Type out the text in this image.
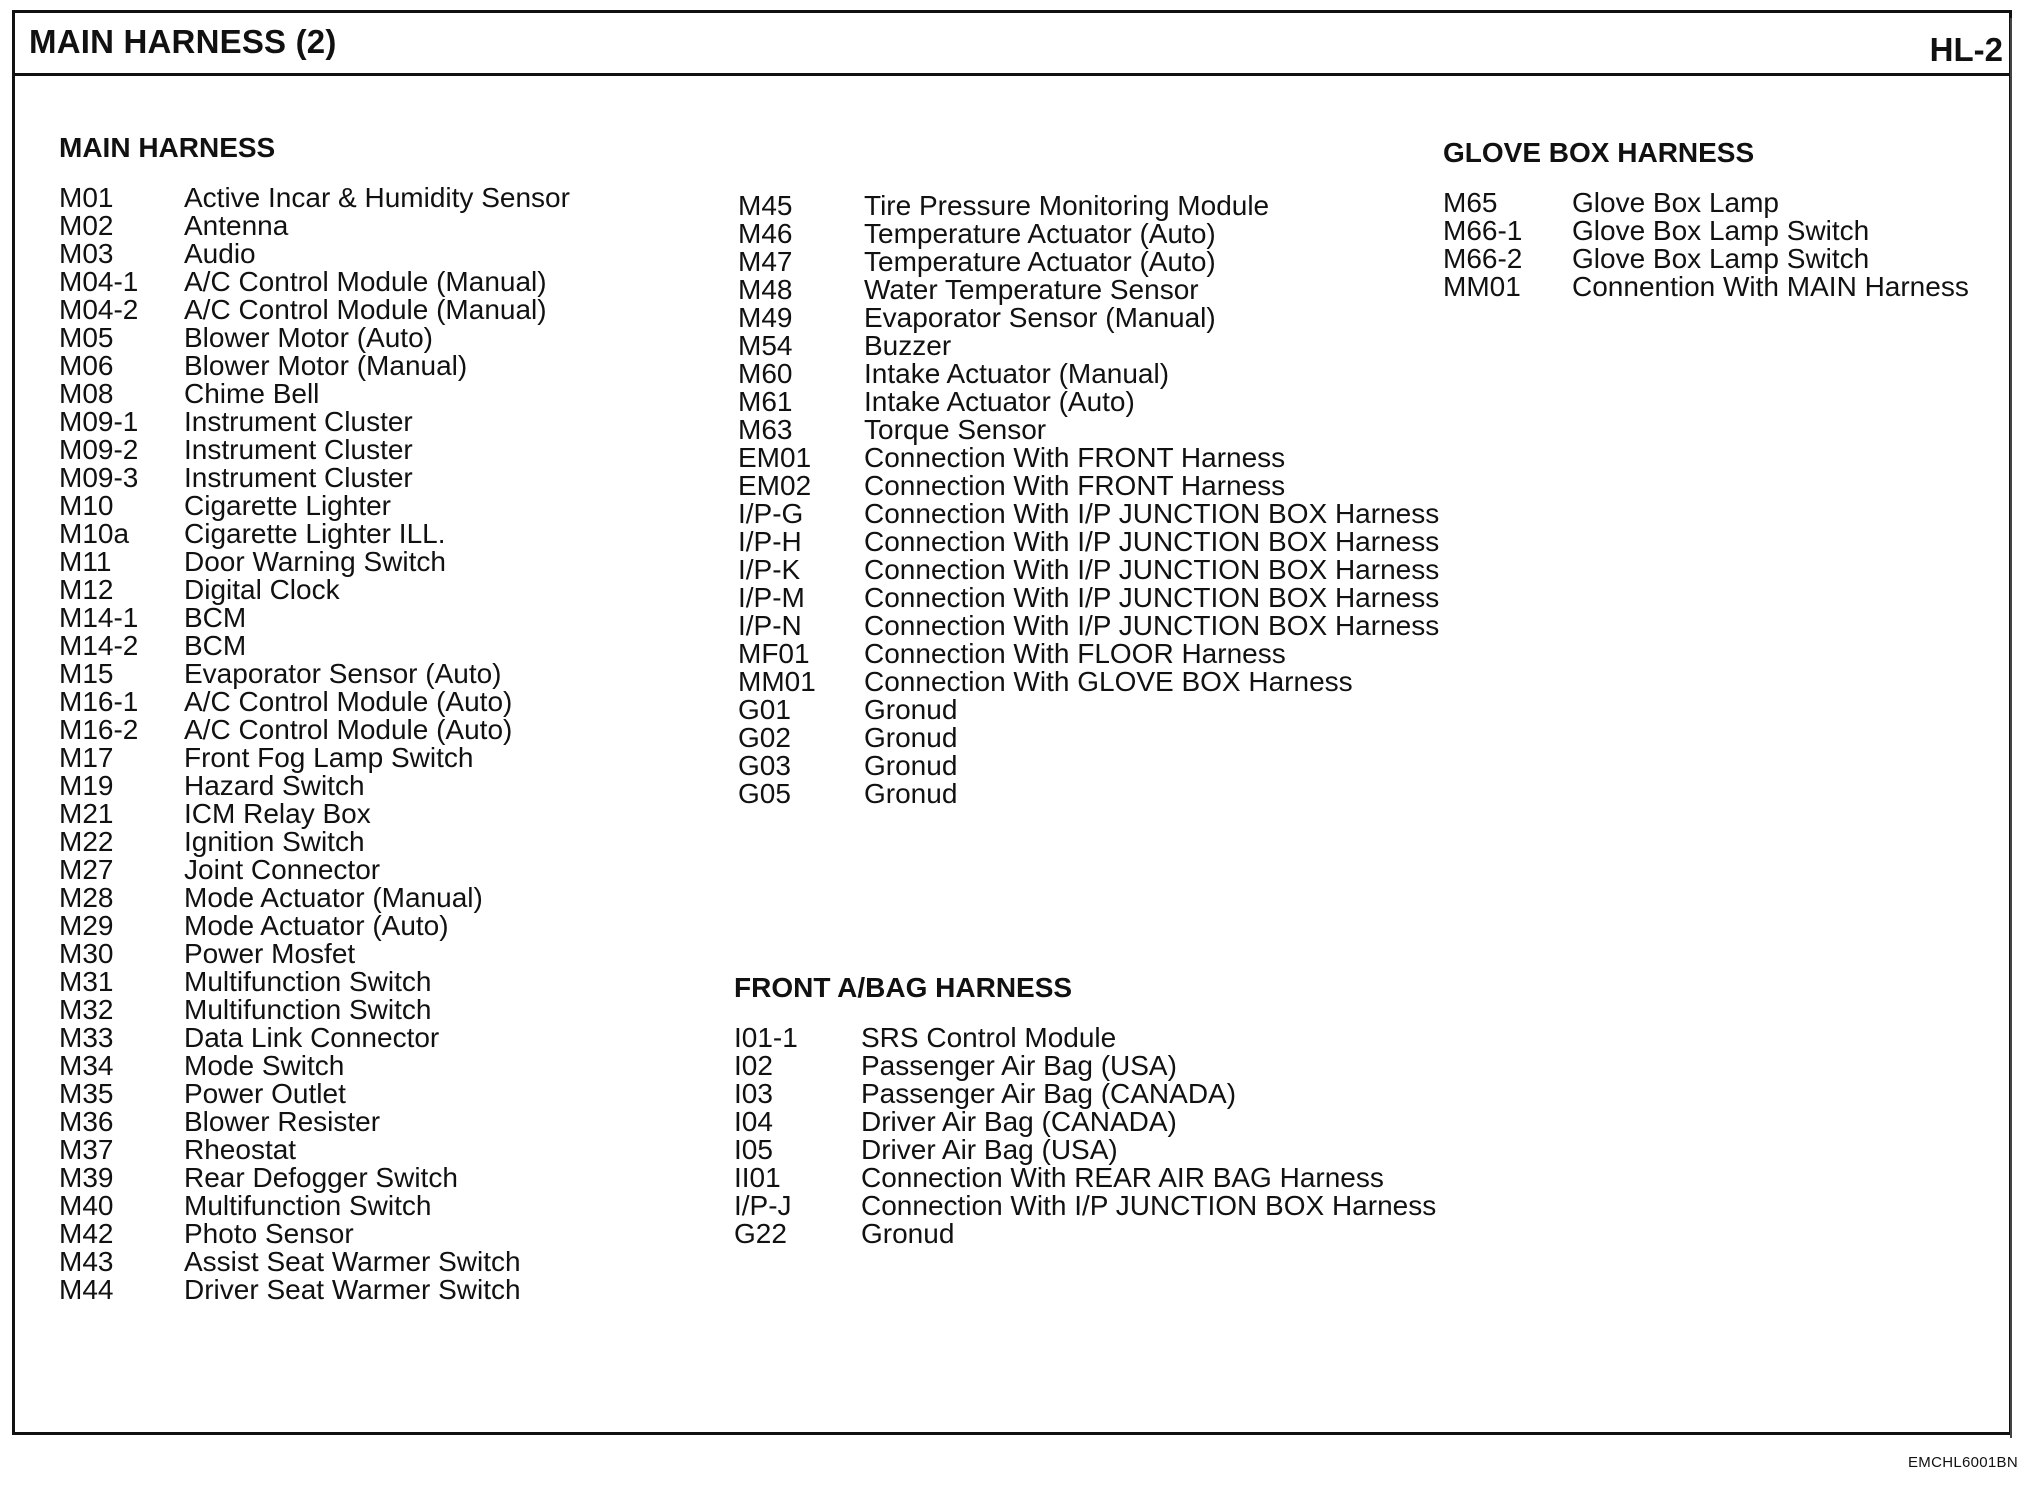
MAIN HARNESS (2)	HL-2
MAIN HARNESS
M01	Active Incar & Humidity Sensor
M02	Antenna
M03	Audio
M04-1	A/C Control Module (Manual)
M04-2	A/C Control Module (Manual)
M05	Blower Motor (Auto)
M06	Blower Motor (Manual)
M08	Chime Bell
M09-1	Instrument Cluster
M09-2	Instrument Cluster
M09-3	Instrument Cluster
M10	Cigarette Lighter
M10a	Cigarette Lighter ILL.
M11	Door Warning Switch
M12	Digital Clock
M14-1	BCM
M14-2	BCM
M15	Evaporator Sensor (Auto)
M16-1	A/C Control Module (Auto)
M16-2	A/C Control Module (Auto)
M17	Front Fog Lamp Switch
M19	Hazard Switch
M21	ICM Relay Box
M22	Ignition Switch
M27	Joint Connector
M28	Mode Actuator (Manual)
M29	Mode Actuator (Auto)
M30	Power Mosfet
M31	Multifunction Switch
M32	Multifunction Switch
M33	Data Link Connector
M34	Mode Switch
M35	Power Outlet
M36	Blower Resister
M37	Rheostat
M39	Rear Defogger Switch
M40	Multifunction Switch
M42	Photo Sensor
M43	Assist Seat Warmer Switch
M44	Driver Seat Warmer Switch
M45	Tire Pressure Monitoring Module
M46	Temperature Actuator (Auto)
M47	Temperature Actuator (Auto)
M48	Water Temperature Sensor
M49	Evaporator Sensor (Manual)
M54	Buzzer
M60	Intake Actuator (Manual)
M61	Intake Actuator (Auto)
M63	Torque Sensor
EM01	Connection With FRONT Harness
EM02	Connection With FRONT Harness
I/P-G	Connection With I/P JUNCTION BOX Harness
I/P-H	Connection With I/P JUNCTION BOX Harness
I/P-K	Connection With I/P JUNCTION BOX Harness
I/P-M	Connection With I/P JUNCTION BOX Harness
I/P-N	Connection With I/P JUNCTION BOX Harness
MF01	Connection With FLOOR Harness
MM01	Connection With GLOVE BOX Harness
G01	Gronud
G02	Gronud
G03	Gronud
G05	Gronud
FRONT A/BAG HARNESS
I01-1	SRS Control Module
I02	Passenger Air Bag (USA)
I03	Passenger Air Bag (CANADA)
I04	Driver Air Bag (CANADA)
I05	Driver Air Bag (USA)
II01	Connection With REAR AIR BAG Harness
I/P-J	Connection With I/P JUNCTION BOX Harness
G22	Gronud
GLOVE BOX HARNESS
M65	Glove Box Lamp
M66-1	Glove Box Lamp Switch
M66-2	Glove Box Lamp Switch
MM01	Connention With MAIN Harness
EMCHL6001BN
